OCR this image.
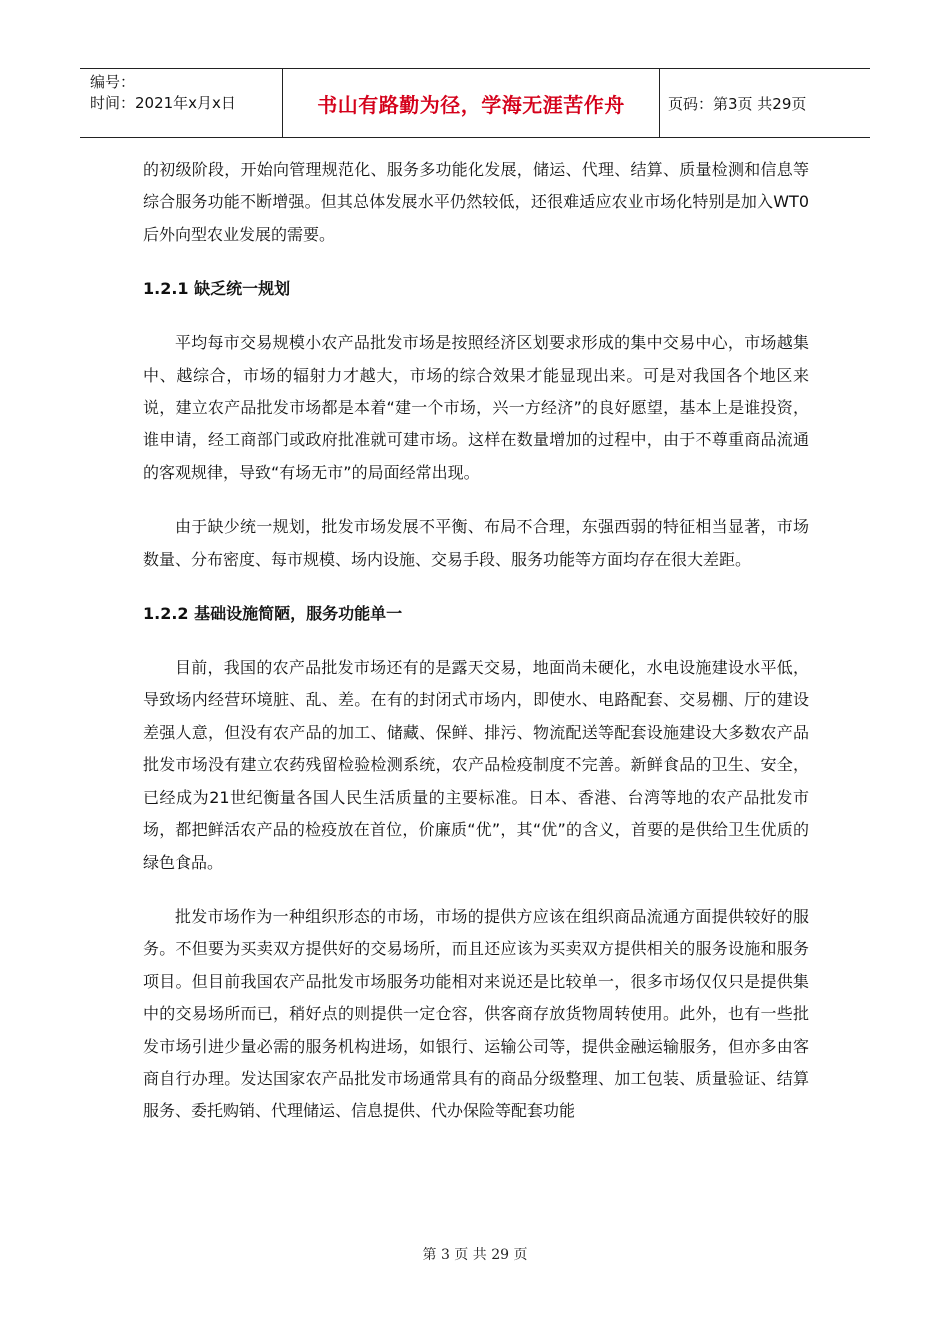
编号：
时间：2021年x月x日	书山有路勤为径，学海无涯苦作舟	页码：第3页 共29页

的初级阶段，开始向管理规范化、服务多功能化发展，储运、代理、结算、质量检测和信息等综合服务功能不断增强。但其总体发展水平仍然较低，还很难适应农业市场化特别是加入WT0后外向型农业发展的需要。

1.2.1 缺乏统一规划

平均每市交易规模小农产品批发市场是按照经济区划要求形成的集中交易中心，市场越集中、越综合，市场的辐射力才越大，市场的综合效果才能显现出来。可是对我国各个地区来说，建立农产品批发市场都是本着“建一个市场，兴一方经济”的良好愿望，基本上是谁投资，谁申请，经工商部门或政府批准就可建市场。这样在数量增加的过程中，由于不尊重商品流通的客观规律，导致“有场无市”的局面经常出现。

由于缺少统一规划，批发市场发展不平衡、布局不合理，东强西弱的特征相当显著，市场数量、分布密度、每市规模、场内设施、交易手段、服务功能等方面均存在很大差距。

1.2.2 基础设施简陋，服务功能单一

目前，我国的农产品批发市场还有的是露天交易，地面尚未硬化，水电设施建设水平低，导致场内经营环境脏、乱、差。在有的封闭式市场内，即使水、电路配套、交易棚、厅的建设差强人意，但没有农产品的加工、储藏、保鲜、排污、物流配送等配套设施建设大多数农产品批发市场没有建立农药残留检验检测系统，农产品检疫制度不完善。新鲜食品的卫生、安全，已经成为21世纪衡量各国人民生活质量的主要标准。日本、香港、台湾等地的农产品批发市场，都把鲜活农产品的检疫放在首位，价廉质“优”，其“优”的含义，首要的是供给卫生优质的绿色食品。

批发市场作为一种组织形态的市场，市场的提供方应该在组织商品流通方面提供较好的服务。不但要为买卖双方提供好的交易场所，而且还应该为买卖双方提供相关的服务设施和服务项目。但目前我国农产品批发市场服务功能相对来说还是比较单一，很多市场仅仅只是提供集中的交易场所而已，稍好点的则提供一定仓容，供客商存放货物周转使用。此外，也有一些批发市场引进少量必需的服务机构进场，如银行、运输公司等，提供金融运输服务，但亦多由客商自行办理。发达国家农产品批发市场通常具有的商品分级整理、加工包装、质量验证、结算服务、委托购销、代理储运、信息提供、代办保险等配套功能

第 3 页 共 29 页
